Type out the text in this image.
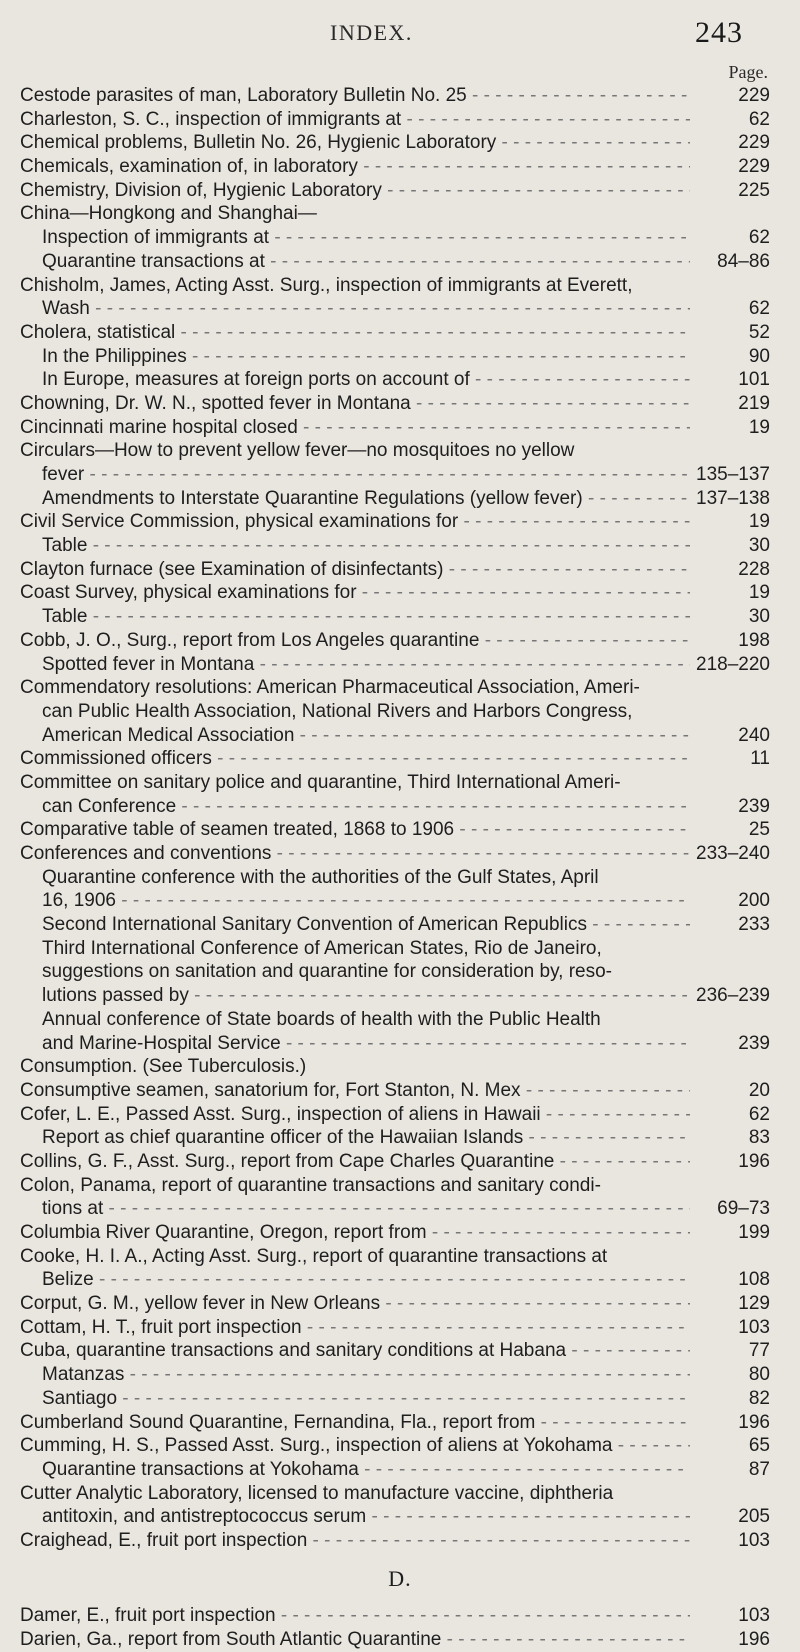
INDEX.	243
Page.
Cestode parasites of man, Laboratory Bulletin No. 25 - - -	229
Charleston, S. C., inspection of immigrants at - - -	62
Chemical problems, Bulletin No. 26, Hygienic Laboratory - - -	229
Chemicals, examination of, in laboratory - - -	229
Chemistry, Division of, Hygienic Laboratory - - -	225
China—Hongkong and Shanghai—
Inspection of immigrants at - - -	62
Quarantine transactions at - - -	84–86
Chisholm, James, Acting Asst. Surg., inspection of immigrants at Everett,
Wash - - -	62
Cholera, statistical - - -	52
In the Philippines - - -	90
In Europe, measures at foreign ports on account of - - -	101
Chowning, Dr. W. N., spotted fever in Montana - - -	219
Cincinnati marine hospital closed - - -	19
Circulars—How to prevent yellow fever—no mosquitoes no yellow
fever - - -	135–137
Amendments to Interstate Quarantine Regulations (yellow fever) - - -	137–138
Civil Service Commission, physical examinations for - - -	19
Table - - -	30
Clayton furnace (see Examination of disinfectants) - - -	228
Coast Survey, physical examinations for - - -	19
Table - - -	30
Cobb, J. O., Surg., report from Los Angeles quarantine - - -	198
Spotted fever in Montana - - -	218–220
Commendatory resolutions: American Pharmaceutical Association, Ameri-
can Public Health Association, National Rivers and Harbors Congress,
American Medical Association - - -	240
Commissioned officers - - -	11
Committee on sanitary police and quarantine, Third International Ameri-
can Conference - - -	239
Comparative table of seamen treated, 1868 to 1906 - - -	25
Conferences and conventions - - -	233–240
Quarantine conference with the authorities of the Gulf States, April
16, 1906 - - -	200
Second International Sanitary Convention of American Republics - - -	233
Third International Conference of American States, Rio de Janeiro,
suggestions on sanitation and quarantine for consideration by, reso-
lutions passed by - - -	236–239
Annual conference of State boards of health with the Public Health
and Marine-Hospital Service - - -	239
Consumption. (See Tuberculosis.)
Consumptive seamen, sanatorium for, Fort Stanton, N. Mex - - -	20
Cofer, L. E., Passed Asst. Surg., inspection of aliens in Hawaii - - -	62
Report as chief quarantine officer of the Hawaiian Islands - - -	83
Collins, G. F., Asst. Surg., report from Cape Charles Quarantine - - -	196
Colon, Panama, report of quarantine transactions and sanitary condi-
tions at - - -	69–73
Columbia River Quarantine, Oregon, report from - - -	199
Cooke, H. I. A., Acting Asst. Surg., report of quarantine transactions at
Belize - - -	108
Corput, G. M., yellow fever in New Orleans - - -	129
Cottam, H. T., fruit port inspection - - -	103
Cuba, quarantine transactions and sanitary conditions at Habana - - -	77
Matanzas - - -	80
Santiago - - -	82
Cumberland Sound Quarantine, Fernandina, Fla., report from - - -	196
Cumming, H. S., Passed Asst. Surg., inspection of aliens at Yokohama - - -	65
Quarantine transactions at Yokohama - - -	87
Cutter Analytic Laboratory, licensed to manufacture vaccine, diphtheria
antitoxin, and antistreptococcus serum - - -	205
Craighead, E., fruit port inspection - - -	103
D.
Damer, E., fruit port inspection - - -	103
Darien, Ga., report from South Atlantic Quarantine - - -	196
